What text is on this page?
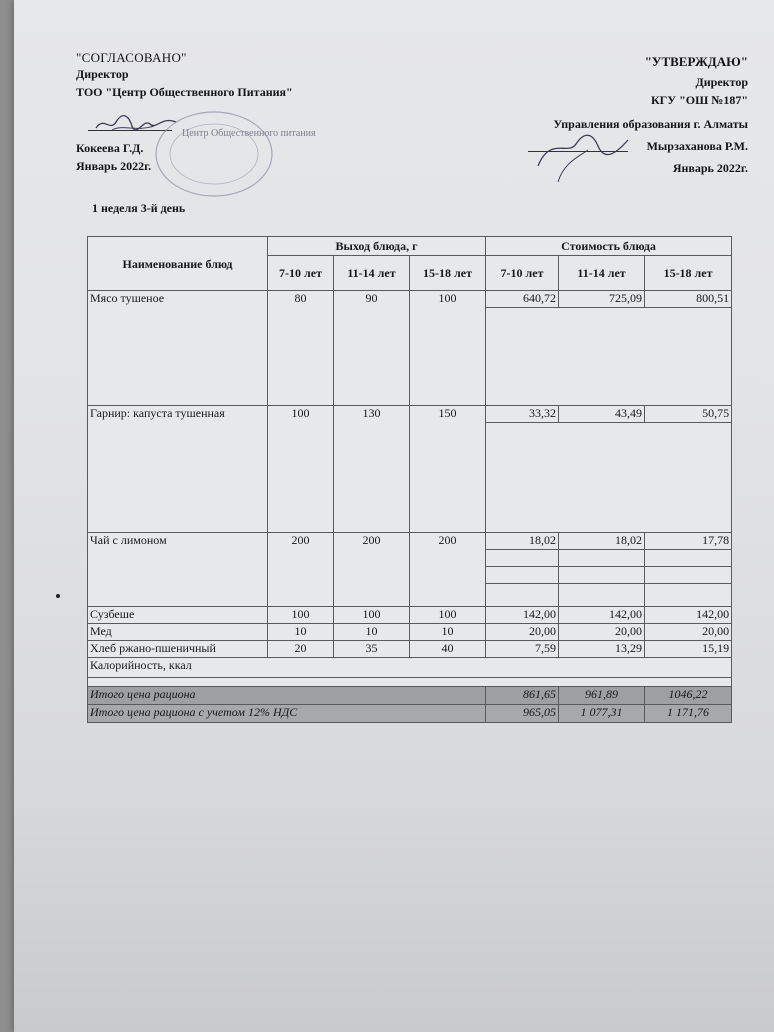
"СОГЛАСОВАНО"
Директор
ТОО "Центр Общественного Питания"
Центр Общественного питания
Кокеева Г.Д.
Январь 2022г.
1 неделя 3-й день
"УТВЕРЖДАЮ"
Директор
КГУ "ОШ №187"
Управления образования г. Алматы
Мырзаханова Р.М.
Январь 2022г.
Наименование блюд	Выход блюда, г			Стоимость блюда		
	7-10 лет	11-14 лет	15-18 лет	7-10 лет	11-14 лет	15-18 лет
Мясо тушеное	80	90	100	640,72	725,09	800,51

Гарнир: капуста тушенная	100	130	150	33,32	43,49	50,75

Чай с лимоном	200	200	200	18,02	18,02	17,78

Сузбеше	100	100	100	142,00	142,00	142,00
Мед	10	10	10	20,00	20,00	20,00
Хлеб ржано-пшеничный	20	35	40	7,59	13,29	15,19
Калорийность, ккал						

Итого цена рациона				861,65	961,89	1046,22
Итого цена рациона с учетом 12% НДС				965,05	1 077,31	1 171,76
